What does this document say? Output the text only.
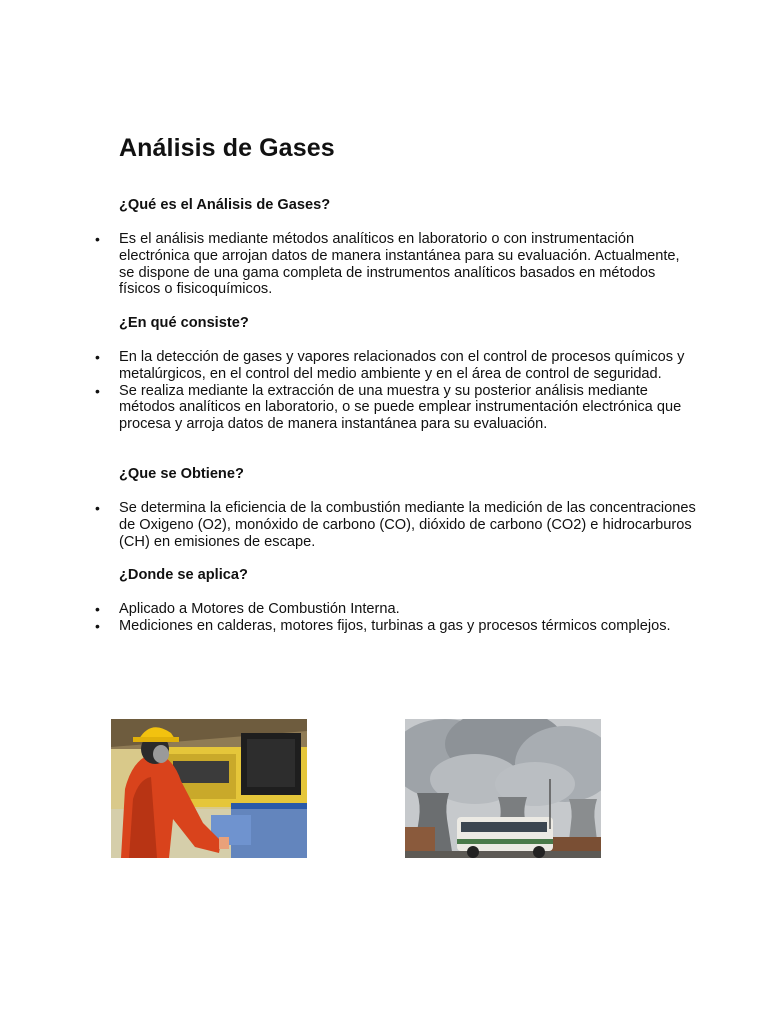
Análisis de Gases
¿Qué es el Análisis de Gases?
• Es el análisis mediante métodos analíticos en laboratorio o con instrumentación electrónica que arrojan datos de manera instantánea para su evaluación. Actualmente, se dispone de una gama completa de instrumentos analíticos basados en métodos físicos o fisicoquímicos.
¿En qué consiste?
• En la detección de gases y vapores relacionados con el control de procesos químicos y metalúrgicos, en el control del medio ambiente y en el área de control de seguridad.
• Se realiza mediante la extracción de una muestra y su posterior análisis mediante métodos analíticos en laboratorio, o se puede emplear instrumentación electrónica que procesa y arroja datos de manera instantánea para su evaluación.
¿Que se Obtiene?
• Se determina la eficiencia de la combustión mediante la medición de las concentraciones de Oxigeno (O2), monóxido de carbono (CO), dióxido de carbono (CO2) e hidrocarburos (CH) en emisiones de escape.
¿Donde se aplica?
• Aplicado a Motores de Combustión Interna.
• Mediciones en calderas, motores fijos, turbinas a gas y procesos térmicos complejos.
